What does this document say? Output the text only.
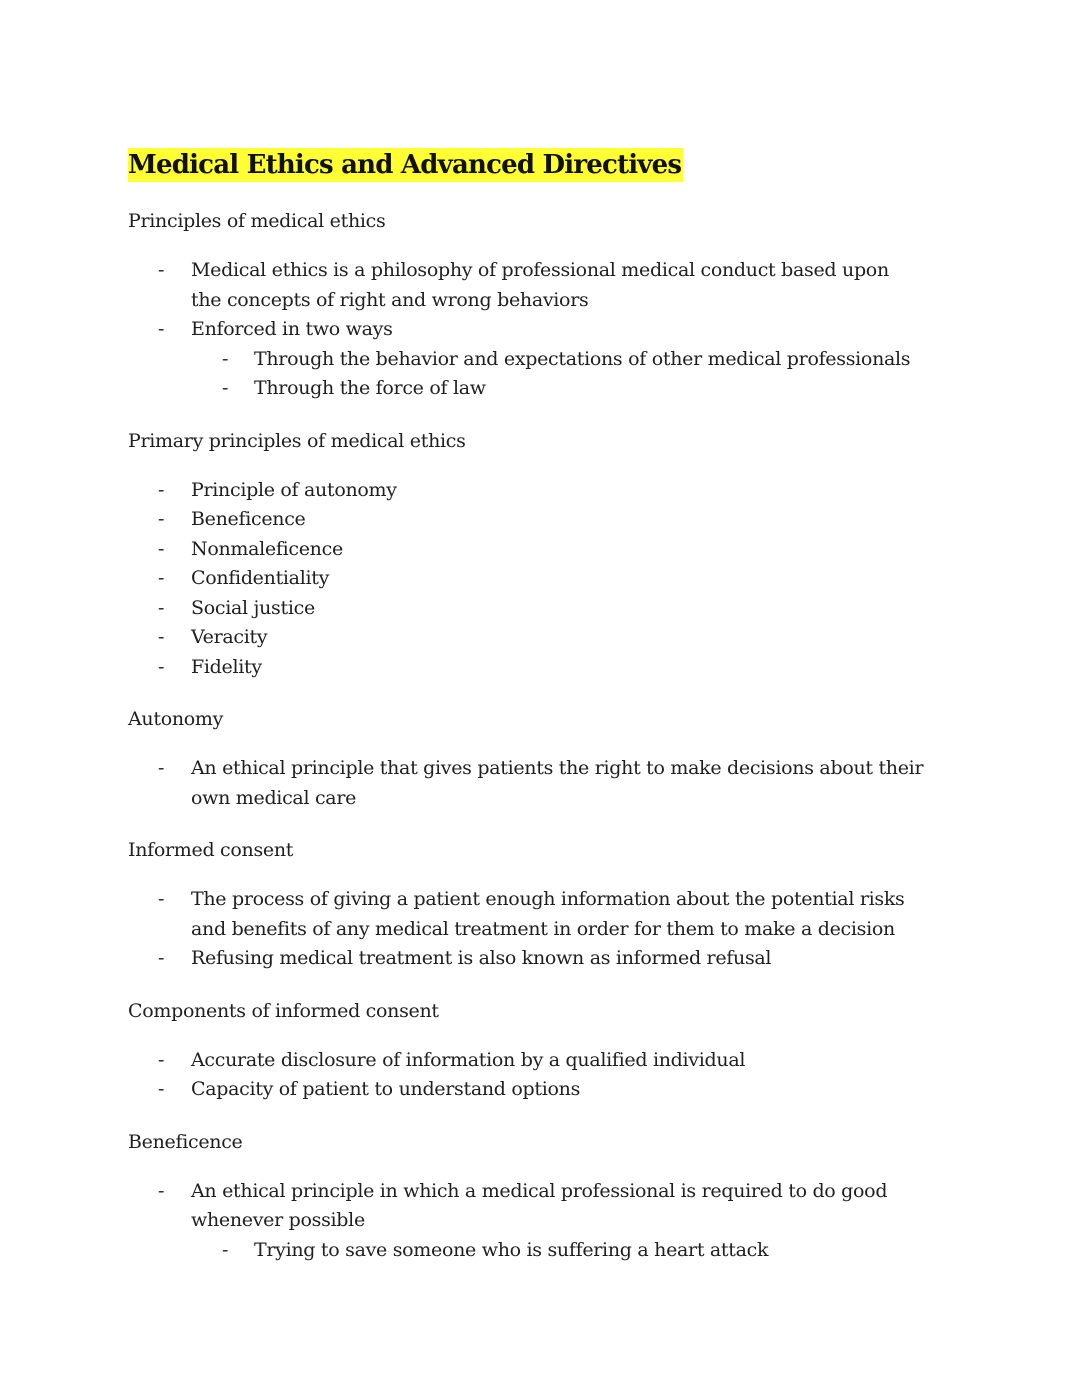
Medical Ethics and Advanced Directives
Principles of medical ethics
- Medical ethics is a philosophy of professional medical conduct based upon the concepts of right and wrong behaviors
- Enforced in two ways
- Through the behavior and expectations of other medical professionals
- Through the force of law
Primary principles of medical ethics
- Principle of autonomy
- Beneficence
- Nonmaleficence
- Confidentiality
- Social justice
- Veracity
- Fidelity
Autonomy
- An ethical principle that gives patients the right to make decisions about their own medical care
Informed consent
- The process of giving a patient enough information about the potential risks and benefits of any medical treatment in order for them to make a decision
- Refusing medical treatment is also known as informed refusal
Components of informed consent
- Accurate disclosure of information by a qualified individual
- Capacity of patient to understand options
Beneficence
- An ethical principle in which a medical professional is required to do good whenever possible
- Trying to save someone who is suffering a heart attack
